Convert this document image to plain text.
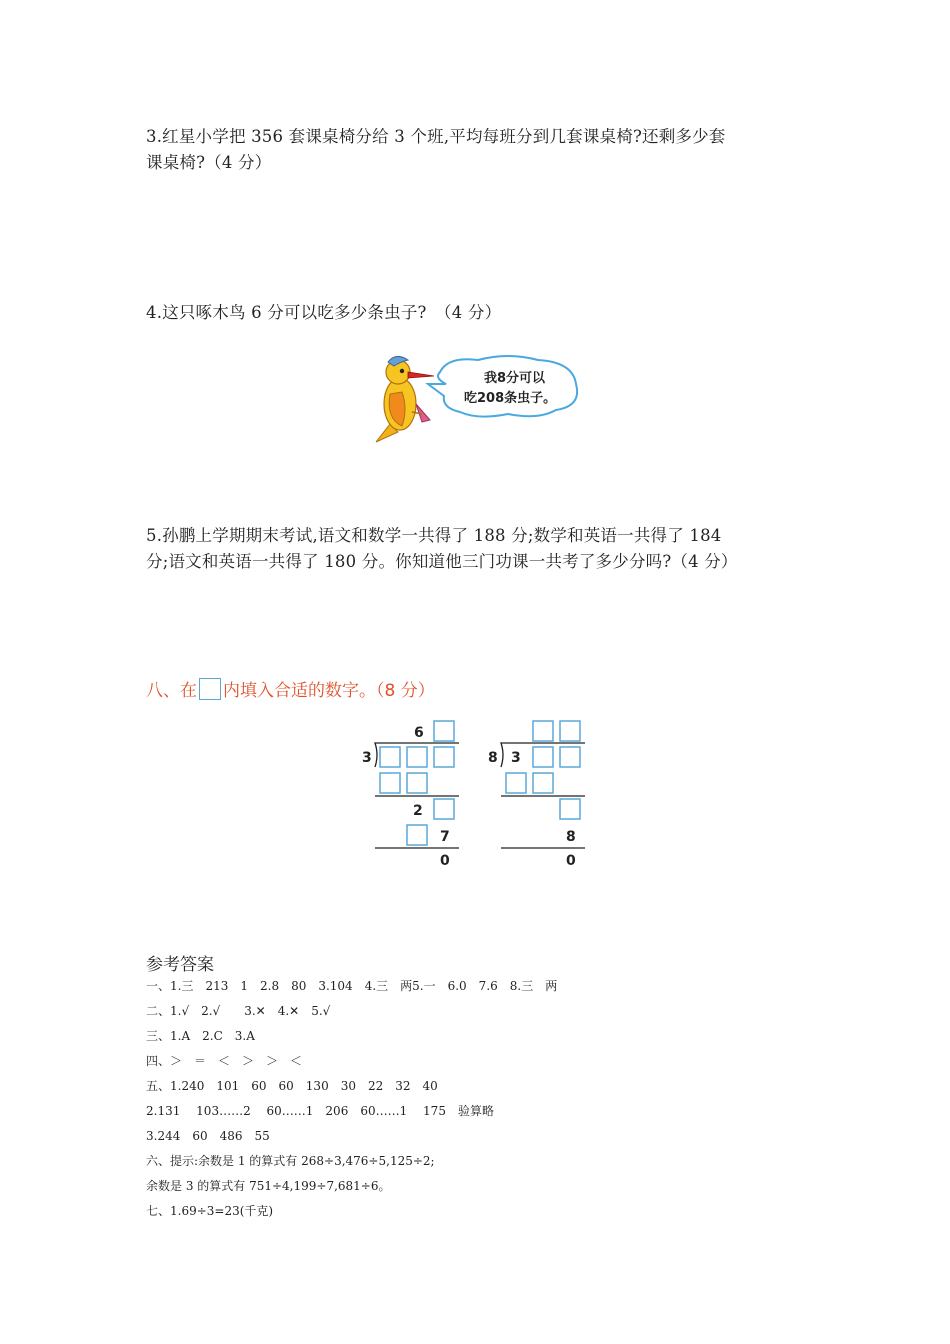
3.红星小学把 356 套课桌椅分给 3 个班,平均每班分到几套课桌椅?还剩多少套
课桌椅?（4 分）
4.这只啄木鸟 6 分可以吃多少条虫子?　（4 分）
我8分可以
吃208条虫子。
5.孙鹏上学期期末考试,语文和数学一共得了 188 分;数学和英语一共得了 184
分;语文和英语一共得了 180 分。你知道他三门功课一共考了多少分吗?（4 分）
八、在 内填入合适的数字。（8 分）
6
3
2
7
0
8 3
8
0
参考答案
一、1.三　213　1　2.8　80　3.104　4.三　两5.一　6.0　7.6　8.三　两
二、1.√　2.√　　3.✕　4.✕　5.√
三、1.A　2.C　3.A
四、＞　＝　＜　＞　＞　＜
五、1.240　101　60　60　130　30　22　32　40
2.131　 103……2　 60……1　206　60……1　 175　验算略
3.244　60　486　55
六、提示:余数是 1 的算式有 268÷3,476÷5,125÷2;
余数是 3 的算式有 751÷4,199÷7,681÷6。
七、1.69÷3=23(千克)
